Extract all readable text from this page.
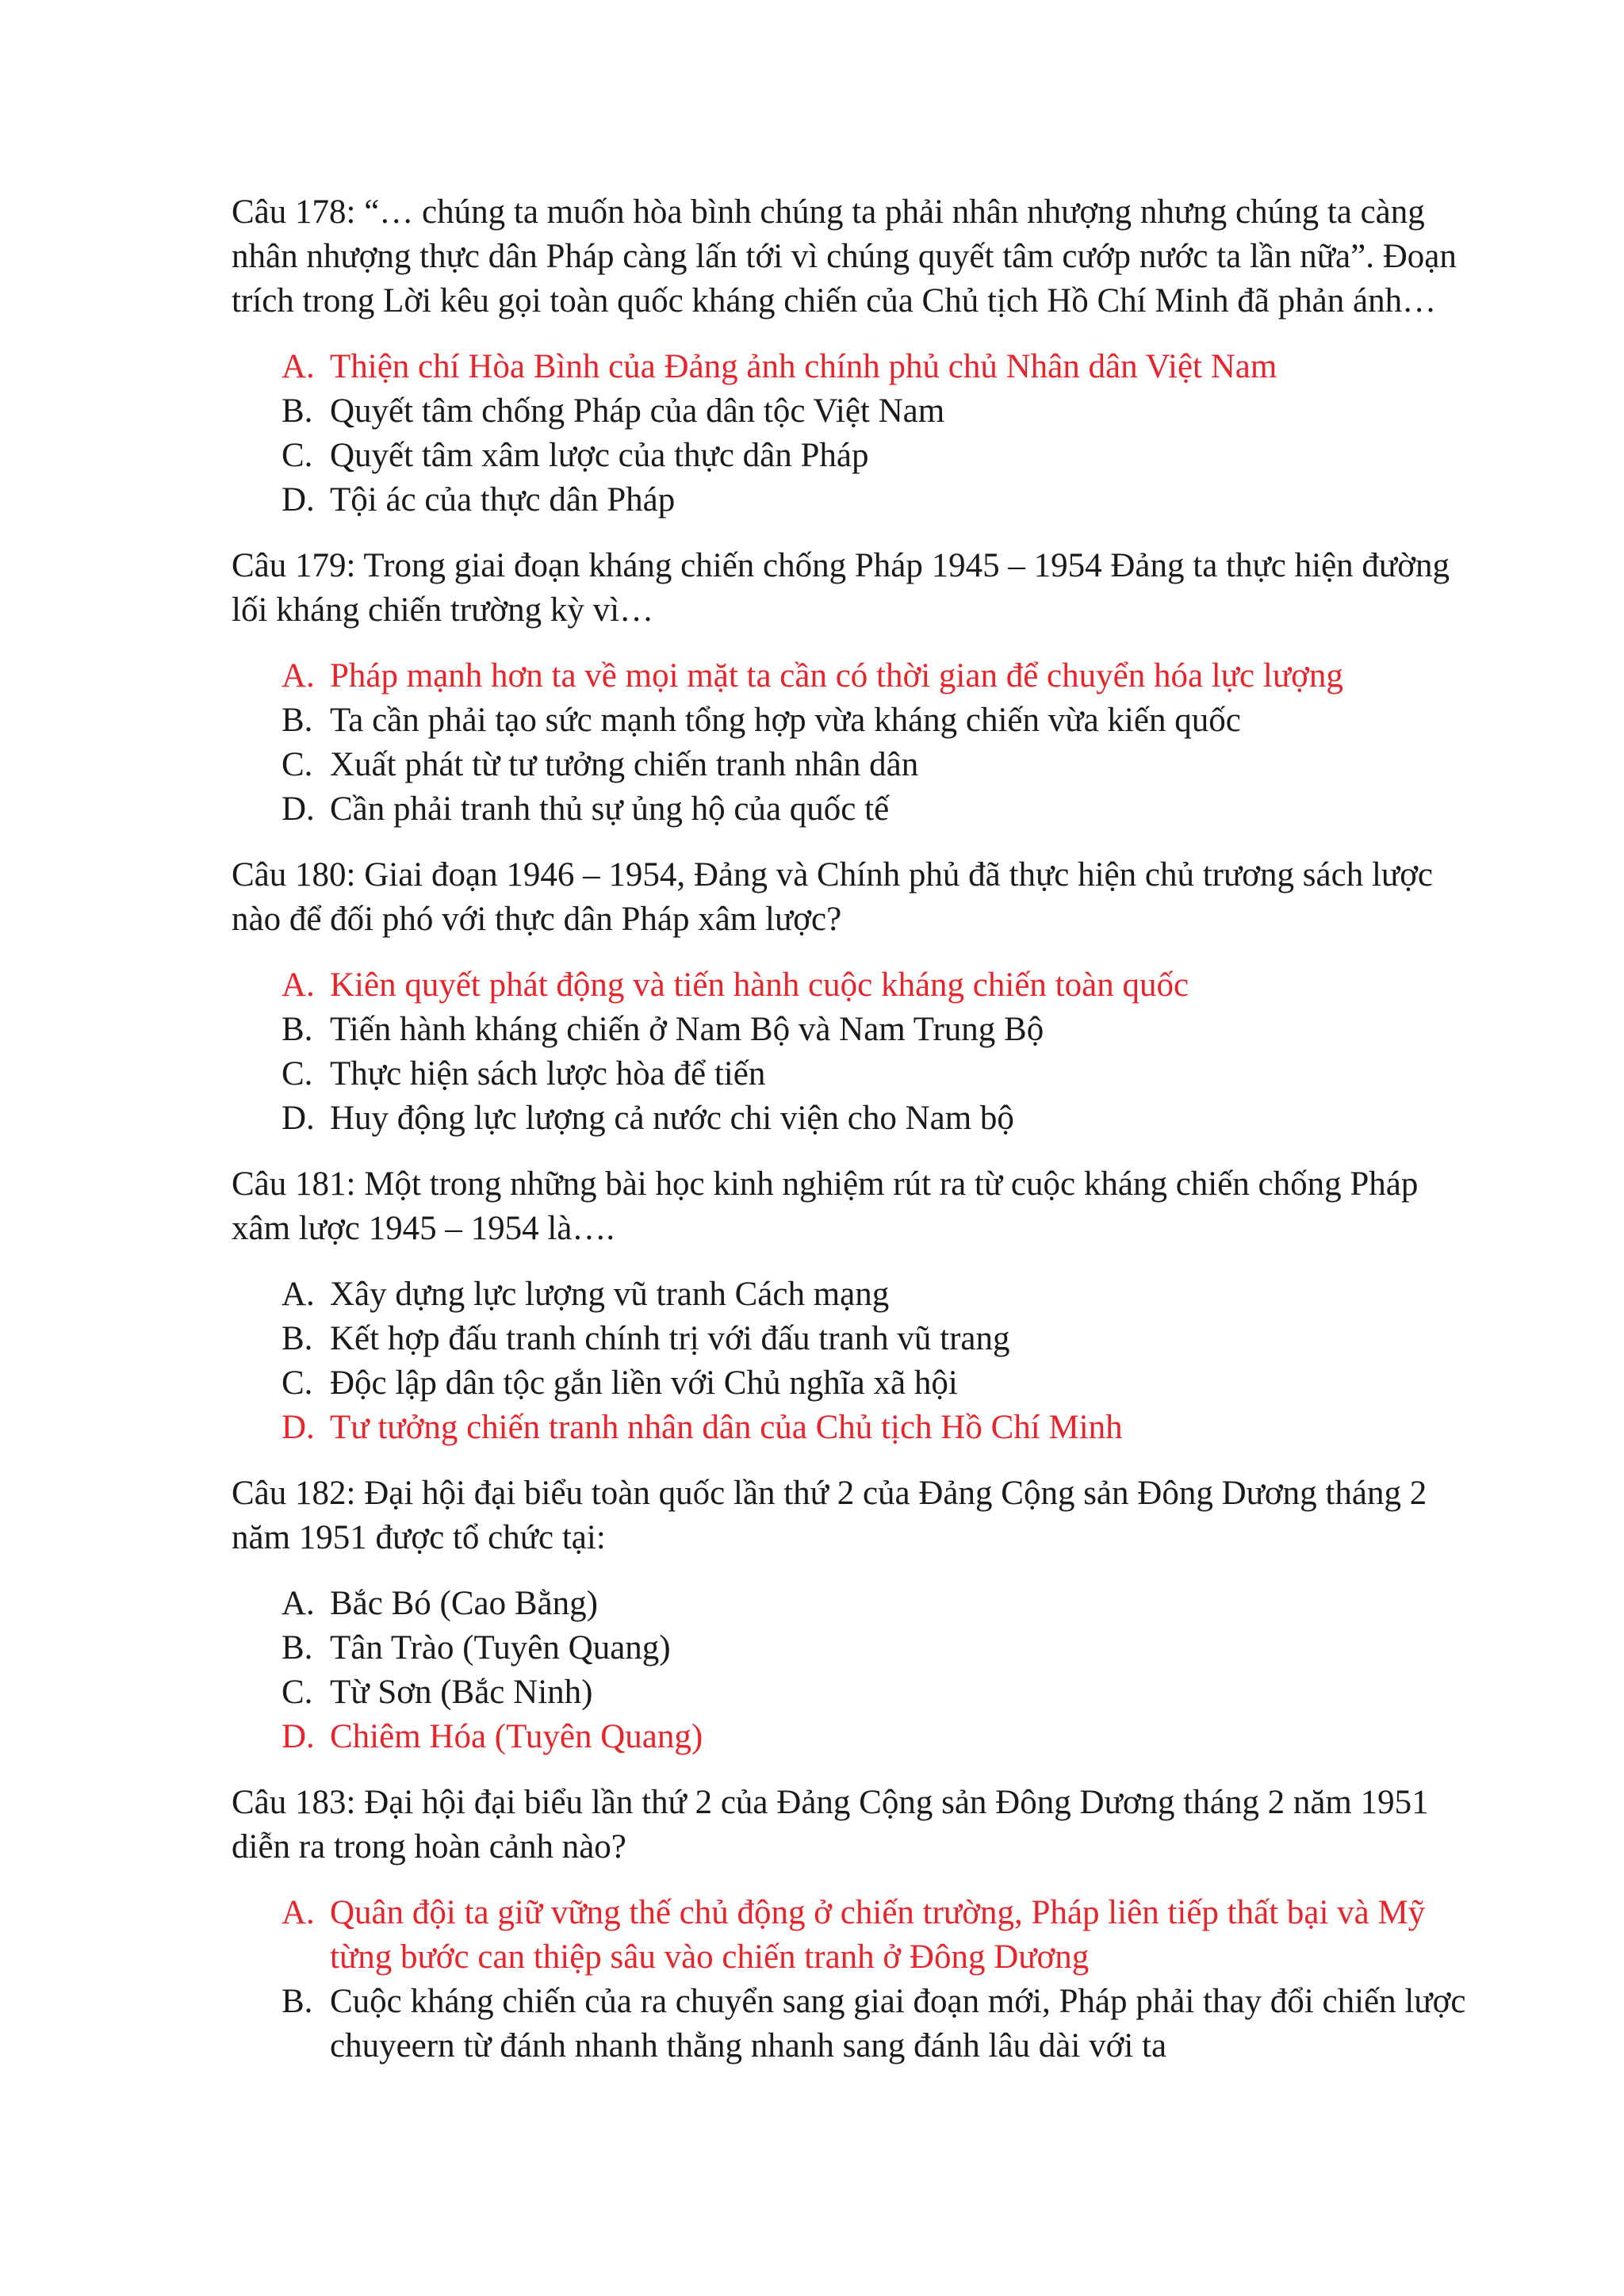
Câu 178: “… chúng ta muốn hòa bình chúng ta phải nhân nhượng nhưng chúng ta càng nhân nhượng thực dân Pháp càng lấn tới vì chúng quyết tâm cướp nước ta lần nữa”. Đoạn trích trong Lời kêu gọi toàn quốc kháng chiến của Chủ tịch Hồ Chí Minh đã phản ánh…

A. Thiện chí Hòa Bình của Đảng ảnh chính phủ chủ Nhân dân Việt Nam
B. Quyết tâm chống Pháp của dân tộc Việt Nam
C. Quyết tâm xâm lược của thực dân Pháp
D. Tội ác của thực dân Pháp

Câu 179: Trong giai đoạn kháng chiến chống Pháp 1945 – 1954 Đảng ta thực hiện đường lối kháng chiến trường kỳ vì…

A. Pháp mạnh hơn ta về mọi mặt ta cần có thời gian để chuyển hóa lực lượng
B. Ta cần phải tạo sức mạnh tổng hợp vừa kháng chiến vừa kiến quốc
C. Xuất phát từ tư tưởng chiến tranh nhân dân
D. Cần phải tranh thủ sự ủng hộ của quốc tế

Câu 180: Giai đoạn 1946 – 1954, Đảng và Chính phủ đã thực hiện chủ trương sách lược nào để đối phó với thực dân Pháp xâm lược?

A. Kiên quyết phát động và tiến hành cuộc kháng chiến toàn quốc
B. Tiến hành kháng chiến ở Nam Bộ và Nam Trung Bộ
C. Thực hiện sách lược hòa để tiến
D. Huy động lực lượng cả nước chi viện cho Nam bộ

Câu 181: Một trong những bài học kinh nghiệm rút ra từ cuộc kháng chiến chống Pháp xâm lược 1945 – 1954 là….

A. Xây dựng lực lượng vũ tranh Cách mạng
B. Kết hợp đấu tranh chính trị với đấu tranh vũ trang
C. Độc lập dân tộc gắn liền với Chủ nghĩa xã hội
D. Tư tưởng chiến tranh nhân dân của Chủ tịch Hồ Chí Minh

Câu 182: Đại hội đại biểu toàn quốc lần thứ 2 của Đảng Cộng sản Đông Dương tháng 2 năm 1951 được tổ chức tại:

A. Bắc Bó (Cao Bằng)
B. Tân Trào (Tuyên Quang)
C. Từ Sơn (Bắc Ninh)
D. Chiêm Hóa (Tuyên Quang)

Câu 183: Đại hội đại biểu lần thứ 2 của Đảng Cộng sản Đông Dương tháng 2 năm 1951 diễn ra trong hoàn cảnh nào?

A. Quân đội ta giữ vững thế chủ động ở chiến trường, Pháp liên tiếp thất bại và Mỹ từng bước can thiệp sâu vào chiến tranh ở Đông Dương
B. Cuộc kháng chiến của ra chuyển sang giai đoạn mới, Pháp phải thay đổi chiến lược chuyeern từ đánh nhanh thằng nhanh sang đánh lâu dài với ta
